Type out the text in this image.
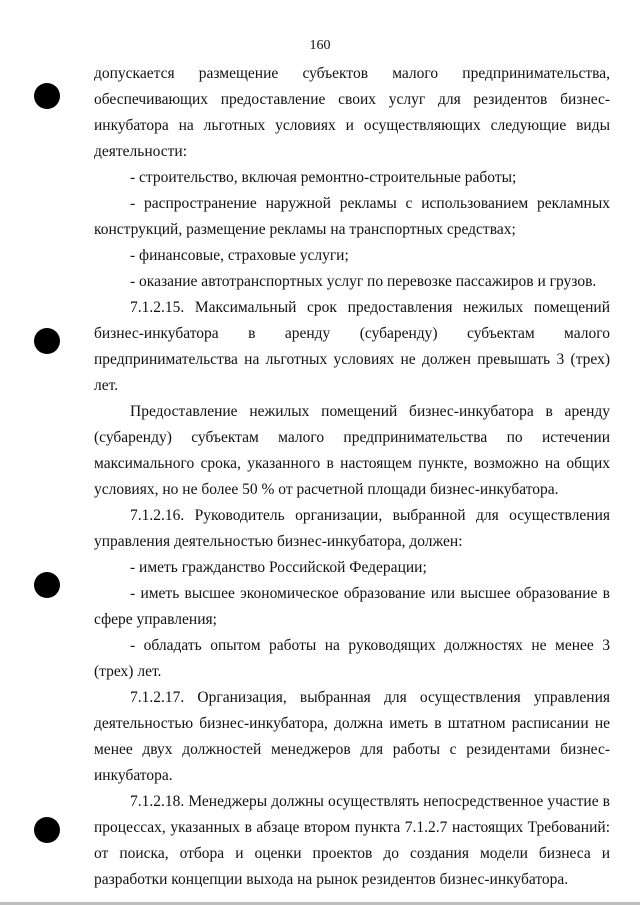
160

допускается размещение субъектов малого предпринимательства, обеспечивающих предоставление своих услуг для резидентов бизнес-инкубатора на льготных условиях и осуществляющих следующие виды деятельности:

- строительство, включая ремонтно-строительные работы;

- распространение наружной рекламы с использованием рекламных конструкций, размещение рекламы на транспортных средствах;

- финансовые, страховые услуги;

- оказание автотранспортных услуг по перевозке пассажиров и грузов.

7.1.2.15. Максимальный срок предоставления нежилых помещений бизнес-инкубатора в аренду (субаренду) субъектам малого предпринимательства на льготных условиях не должен превышать 3 (трех) лет.

Предоставление нежилых помещений бизнес-инкубатора в аренду (субаренду) субъектам малого предпринимательства по истечении максимального срока, указанного в настоящем пункте, возможно на общих условиях, но не более 50 % от расчетной площади бизнес-инкубатора.

7.1.2.16. Руководитель организации, выбранной для осуществления управления деятельностью бизнес-инкубатора, должен:

- иметь гражданство Российской Федерации;

- иметь высшее экономическое образование или высшее образование в сфере управления;

- обладать опытом работы на руководящих должностях не менее 3 (трех) лет.

7.1.2.17. Организация, выбранная для осуществления управления деятельностью бизнес-инкубатора, должна иметь в штатном расписании не менее двух должностей менеджеров для работы с резидентами бизнес-инкубатора.

7.1.2.18. Менеджеры должны осуществлять непосредственное участие в процессах, указанных в абзаце втором пункта 7.1.2.7 настоящих Требований: от поиска, отбора и оценки проектов до создания модели бизнеса и разработки концепции выхода на рынок резидентов бизнес-инкубатора.
